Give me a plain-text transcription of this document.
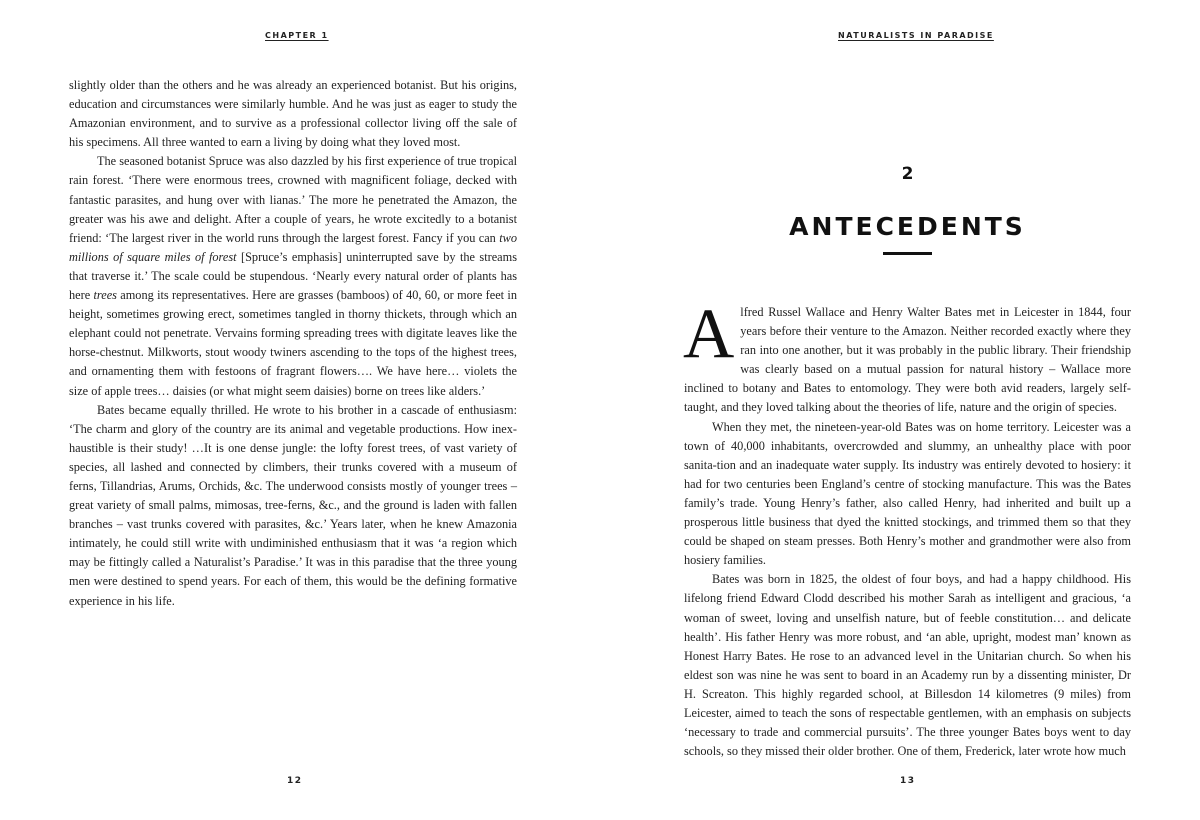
CHAPTER 1

slightly older than the others and he was already an experienced botanist. But his origins, education and circumstances were similarly humble. And he was just as eager to study the Amazonian environment, and to survive as a professional collector living off the sale of his specimens. All three wanted to earn a living by doing what they loved most.

The seasoned botanist Spruce was also dazzled by his first experience of true tropical rain forest. ‘There were enormous trees, crowned with magnificent foliage, decked with fantastic parasites, and hung over with lianas.’ The more he penetrated the Amazon, the greater was his awe and delight. After a couple of years, he wrote excitedly to a botanist friend: ‘The largest river in the world runs through the largest forest. Fancy if you can two millions of square miles of forest [Spruce’s emphasis] uninterrupted save by the streams that traverse it.’ The scale could be stupendous. ‘Nearly every natural order of plants has here trees among its representatives. Here are grasses (bamboos) of 40, 60, or more feet in height, sometimes growing erect, sometimes tangled in thorny thickets, through which an elephant could not penetrate. Vervains forming spreading trees with digitate leaves like the horse-chestnut. Milkworts, stout woody twiners ascending to the tops of the highest trees, and ornamenting them with festoons of fragrant flowers…. We have here… violets the size of apple trees… daisies (or what might seem daisies) borne on trees like alders.’

Bates became equally thrilled. He wrote to his brother in a cascade of enthusiasm: ‘The charm and glory of the country are its animal and vegetable productions. How inex-haustible is their study! …It is one dense jungle: the lofty forest trees, of vast variety of species, all lashed and connected by climbers, their trunks covered with a museum of ferns, Tillandrias, Arums, Orchids, &c. The underwood consists mostly of younger trees – great variety of small palms, mimosas, tree-ferns, &c., and the ground is laden with fallen branches – vast trunks covered with parasites, &c.’ Years later, when he knew Amazonia intimately, he could still write with undiminished enthusiasm that it was ‘a region which may be fittingly called a Naturalist’s Paradise.’ It was in this paradise that the three young men were destined to spend years. For each of them, this would be the defining formative experience in his life.

12
NATURALISTS IN PARADISE
2
ANTECEDENTS

Alfred Russel Wallace and Henry Walter Bates met in Leicester in 1844, four years before their venture to the Amazon. Neither recorded exactly where they ran into one another, but it was probably in the public library. Their friendship was clearly based on a mutual passion for natural history – Wallace more inclined to botany and Bates to entomology. They were both avid readers, largely self-taught, and they loved talking about the theories of life, nature and the origin of species.

When they met, the nineteen-year-old Bates was on home territory. Leicester was a town of 40,000 inhabitants, overcrowded and slummy, an unhealthy place with poor sanita-tion and an inadequate water supply. Its industry was entirely devoted to hosiery: it had for two centuries been England’s centre of stocking manufacture. This was the Bates family’s trade. Young Henry’s father, also called Henry, had inherited and built up a prosperous little business that dyed the knitted stockings, and trimmed them so that they could be shaped on steam presses. Both Henry’s mother and grandmother were also from hosiery families.

Bates was born in 1825, the oldest of four boys, and had a happy childhood. His lifelong friend Edward Clodd described his mother Sarah as intelligent and gracious, ‘a woman of sweet, loving and unselfish nature, but of feeble constitution… and delicate health’. His father Henry was more robust, and ‘an able, upright, modest man’ known as Honest Harry Bates. He rose to an advanced level in the Unitarian church. So when his eldest son was nine he was sent to board in an Academy run by a dissenting minister, Dr H. Screaton. This highly regarded school, at Billesdon 14 kilometres (9 miles) from Leicester, aimed to teach the sons of respectable gentlemen, with an emphasis on subjects ‘necessary to trade and commercial pursuits’. The three younger Bates boys went to day schools, so they missed their older brother. One of them, Frederick, later wrote how much

13
